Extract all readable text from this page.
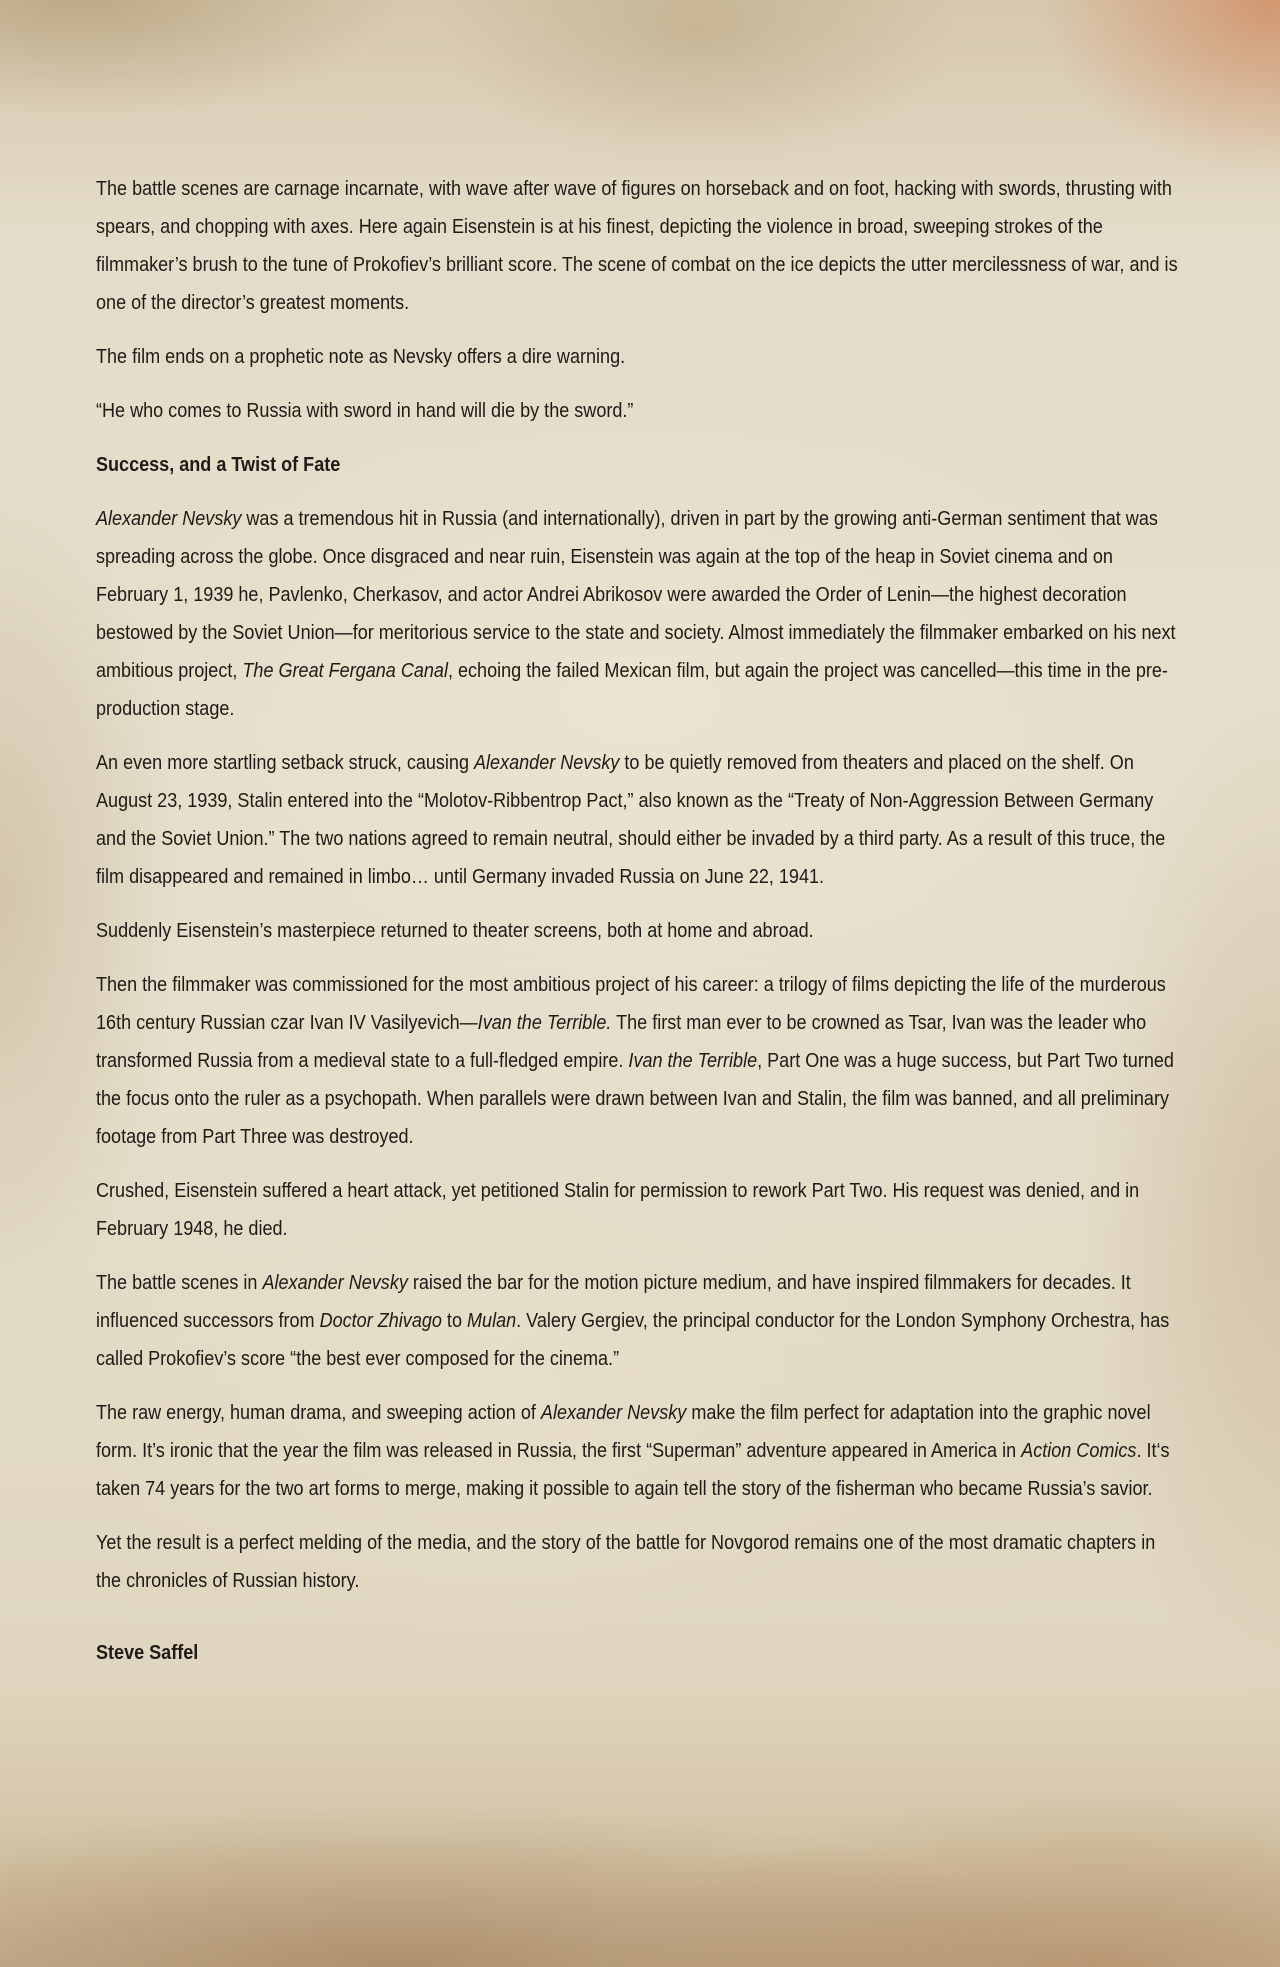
The battle scenes are carnage incarnate, with wave after wave of figures on horseback and on foot, hacking with swords, thrusting with spears, and chopping with axes. Here again Eisenstein is at his finest, depicting the violence in broad, sweeping strokes of the filmmaker’s brush to the tune of Prokofiev’s brilliant score. The scene of combat on the ice depicts the utter mercilessness of war, and is one of the director’s greatest moments.

The film ends on a prophetic note as Nevsky offers a dire warning.

“He who comes to Russia with sword in hand will die by the sword.”

Success, and a Twist of Fate

Alexander Nevsky was a tremendous hit in Russia (and internationally), driven in part by the growing anti-German sentiment that was spreading across the globe. Once disgraced and near ruin, Eisenstein was again at the top of the heap in Soviet cinema and on February 1, 1939 he, Pavlenko, Cherkasov, and actor Andrei Abrikosov were awarded the Order of Lenin—the highest decoration bestowed by the Soviet Union—for meritorious service to the state and society. Almost immediately the filmmaker embarked on his next ambitious project, The Great Fergana Canal, echoing the failed Mexican film, but again the project was cancelled—this time in the pre-production stage.

An even more startling setback struck, causing Alexander Nevsky to be quietly removed from theaters and placed on the shelf. On August 23, 1939, Stalin entered into the “Molotov-Ribbentrop Pact,” also known as the “Treaty of Non-Aggression Between Germany and the Soviet Union.” The two nations agreed to remain neutral, should either be invaded by a third party. As a result of this truce, the film disappeared and remained in limbo… until Germany invaded Russia on June 22, 1941.

Suddenly Eisenstein’s masterpiece returned to theater screens, both at home and abroad.

Then the filmmaker was commissioned for the most ambitious project of his career: a trilogy of films depicting the life of the murderous 16th century Russian czar Ivan IV Vasilyevich—Ivan the Terrible. The first man ever to be crowned as Tsar, Ivan was the leader who transformed Russia from a medieval state to a full-fledged empire. Ivan the Terrible, Part One was a huge success, but Part Two turned the focus onto the ruler as a psychopath. When parallels were drawn between Ivan and Stalin, the film was banned, and all preliminary footage from Part Three was destroyed.

Crushed, Eisenstein suffered a heart attack, yet petitioned Stalin for permission to rework Part Two. His request was denied, and in February 1948, he died.

The battle scenes in Alexander Nevsky raised the bar for the motion picture medium, and have inspired filmmakers for decades. It influenced successors from Doctor Zhivago to Mulan. Valery Gergiev, the principal conductor for the London Symphony Orchestra, has called Prokofiev’s score “the best ever composed for the cinema.”

The raw energy, human drama, and sweeping action of Alexander Nevsky make the film perfect for adaptation into the graphic novel form. It’s ironic that the year the film was released in Russia, the first “Superman” adventure appeared in America in Action Comics. It‘s taken 74 years for the two art forms to merge, making it possible to again tell the story of the fisherman who became Russia’s savior.

Yet the result is a perfect melding of the media, and the story of the battle for Novgorod remains one of the most dramatic chapters in the chronicles of Russian history.

Steve Saffel
